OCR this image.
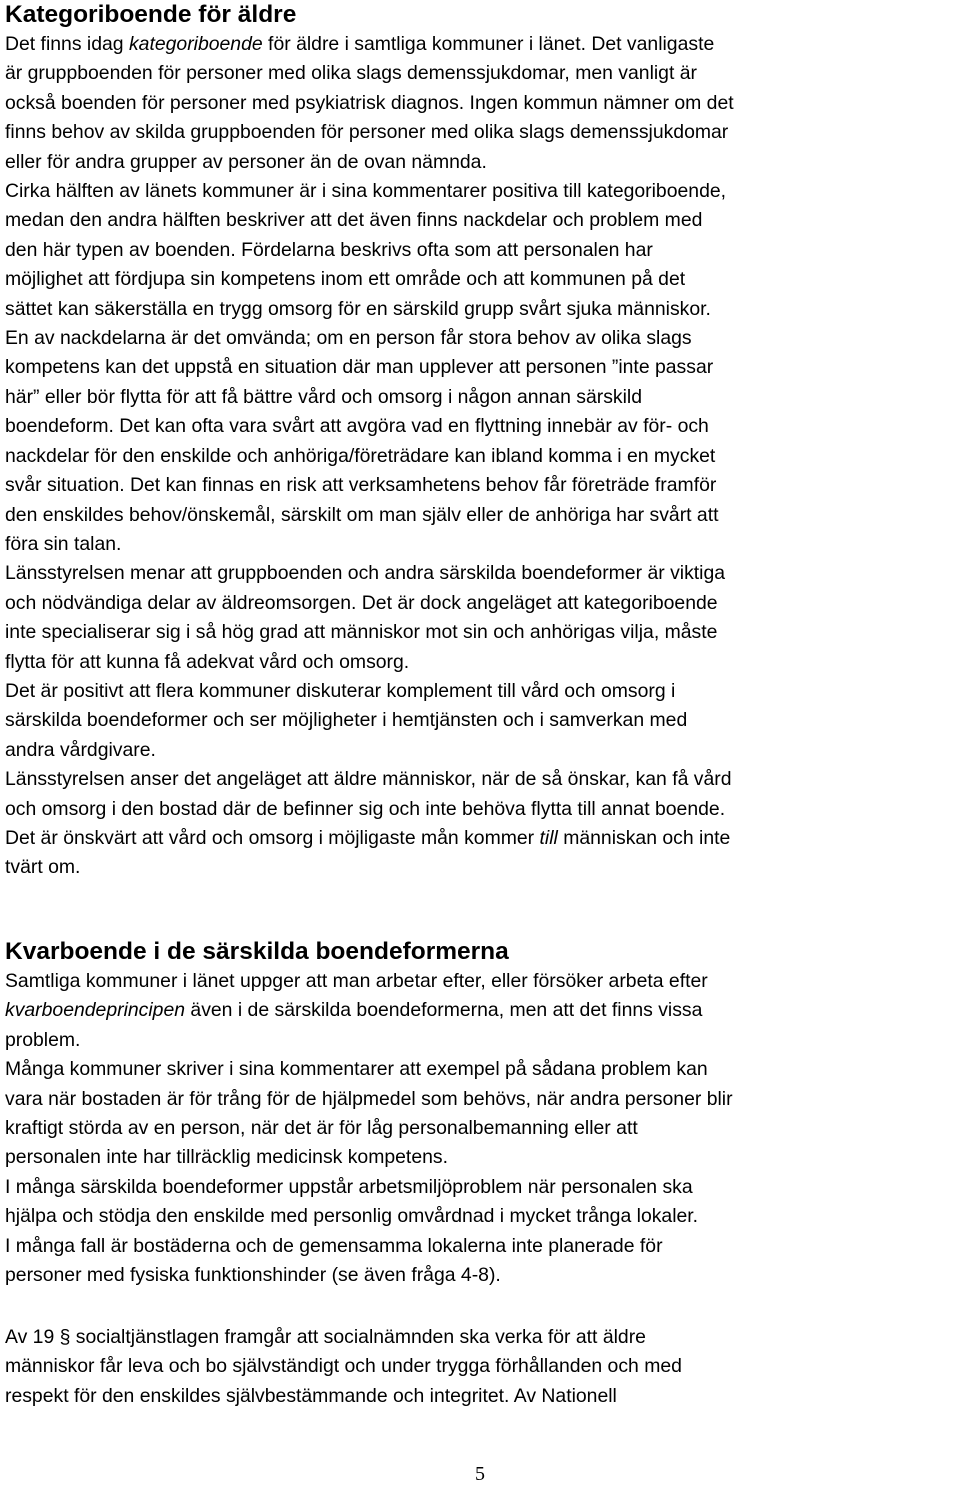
Kategoriboende för äldre

Det finns idag kategoriboende för äldre i samtliga kommuner i länet. Det vanligaste
är gruppboenden för personer med olika slags demenssjukdomar, men vanligt är
också boenden för personer med psykiatrisk diagnos. Ingen kommun nämner om det
finns behov av skilda gruppboenden för personer med olika slags demenssjukdomar
eller för andra grupper av personer än de ovan nämnda.

Cirka hälften av länets kommuner är i sina kommentarer positiva till kategoriboende,
medan den andra hälften beskriver att det även finns nackdelar och problem med
den här typen av boenden. Fördelarna beskrivs ofta som att personalen har
möjlighet att fördjupa sin kompetens inom ett område och att kommunen på det
sättet kan säkerställa en trygg omsorg för en särskild grupp svårt sjuka människor.

En av nackdelarna är det omvända; om en person får stora behov av olika slags
kompetens kan det uppstå en situation där man upplever att personen ”inte passar
här” eller bör flytta för att få bättre vård och omsorg i någon annan särskild
boendeform. Det kan ofta vara svårt att avgöra vad en flyttning innebär av för- och
nackdelar för den enskilde och anhöriga/företrädare kan ibland komma i en mycket
svår situation. Det kan finnas en risk att verksamhetens behov får företräde framför
den enskildes behov/önskemål, särskilt om man själv eller de anhöriga har svårt att
föra sin talan.

Länsstyrelsen menar att gruppboenden och andra särskilda boendeformer är viktiga
och nödvändiga delar av äldreomsorgen. Det är dock angeläget att kategoriboende
inte specialiserar sig i så hög grad att människor mot sin och anhörigas vilja, måste
flytta för att kunna få adekvat vård och omsorg.

Det är positivt att flera kommuner diskuterar komplement till vård och omsorg i
särskilda boendeformer och ser möjligheter i hemtjänsten och i samverkan med
andra vårdgivare.

Länsstyrelsen anser det angeläget att äldre människor, när de så önskar, kan få vård
och omsorg i den bostad där de befinner sig och inte behöva flytta till annat boende.
Det är önskvärt att vård och omsorg i möjligaste mån kommer till människan och inte
tvärt om.

Kvarboende i de särskilda boendeformerna

Samtliga kommuner i länet uppger att man arbetar efter, eller försöker arbeta efter
kvarboendeprincipen även i de särskilda boendeformerna, men att det finns vissa
problem.

Många kommuner skriver i sina kommentarer att exempel på sådana problem kan
vara när bostaden är för trång för de hjälpmedel som behövs, när andra personer blir
kraftigt störda av en person, när det är för låg personalbemanning eller att
personalen inte har tillräcklig medicinsk kompetens.

I många särskilda boendeformer uppstår arbetsmiljöproblem när personalen ska
hjälpa och stödja den enskilde med personlig omvårdnad i mycket trånga lokaler.

I många fall är bostäderna och de gemensamma lokalerna inte planerade för
personer med fysiska funktionshinder (se även fråga 4-8).

Av 19 § socialtjänstlagen framgår att socialnämnden ska verka för att äldre
människor får leva och bo självständigt och under trygga förhållanden och med
respekt för den enskildes självbestämmande och integritet. Av Nationell

5
